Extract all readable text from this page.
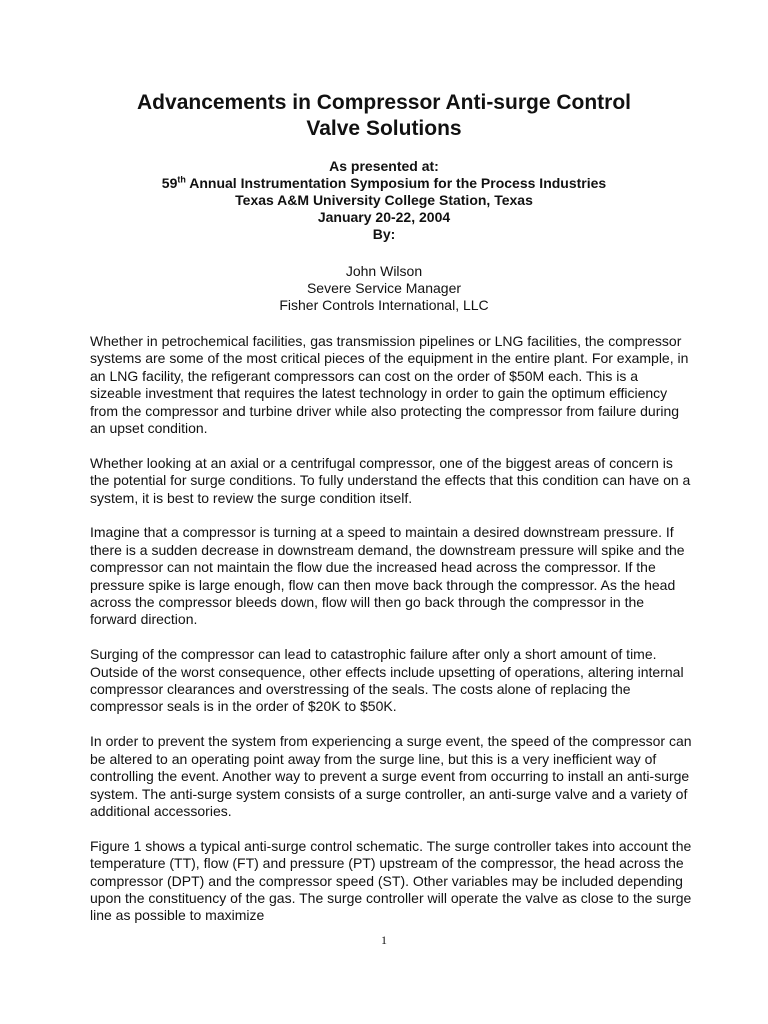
Advancements in Compressor Anti-surge Control
Valve Solutions
As presented at:
59th Annual Instrumentation Symposium for the Process Industries
Texas A&M University College Station, Texas
January 20-22, 2004
By:
John Wilson
Severe Service Manager
Fisher Controls International, LLC

Whether in petrochemical facilities, gas transmission pipelines or LNG facilities, the compressor systems are some of the most critical pieces of the equipment in the entire plant. For example, in an LNG facility, the refigerant compressors can cost on the order of $50M each. This is a sizeable investment that requires the latest technology in order to gain the optimum efficiency from the compressor and turbine driver while also protecting the compressor from failure during an upset condition.

Whether looking at an axial or a centrifugal compressor, one of the biggest areas of concern is the potential for surge conditions. To fully understand the effects that this condition can have on a system, it is best to review the surge condition itself.

Imagine that a compressor is turning at a speed to maintain a desired downstream pressure. If there is a sudden decrease in downstream demand, the downstream pressure will spike and the compressor can not maintain the flow due the increased head across the compressor. If the pressure spike is large enough, flow can then move back through the compressor. As the head across the compressor bleeds down, flow will then go back through the compressor in the forward direction.

Surging of the compressor can lead to catastrophic failure after only a short amount of time. Outside of the worst consequence, other effects include upsetting of operations, altering internal compressor clearances and overstressing of the seals. The costs alone of replacing the compressor seals is in the order of $20K to $50K.

In order to prevent the system from experiencing a surge event, the speed of the compressor can be altered to an operating point away from the surge line, but this is a very inefficient way of controlling the event. Another way to prevent a surge event from occurring to install an anti-surge system. The anti-surge system consists of a surge controller, an anti-surge valve and a variety of additional accessories.

Figure 1 shows a typical anti-surge control schematic. The surge controller takes into account the temperature (TT), flow (FT) and pressure (PT) upstream of the compressor, the head across the compressor (DPT) and the compressor speed (ST). Other variables may be included depending upon the constituency of the gas. The surge controller will operate the valve as close to the surge line as possible to maximize

1
